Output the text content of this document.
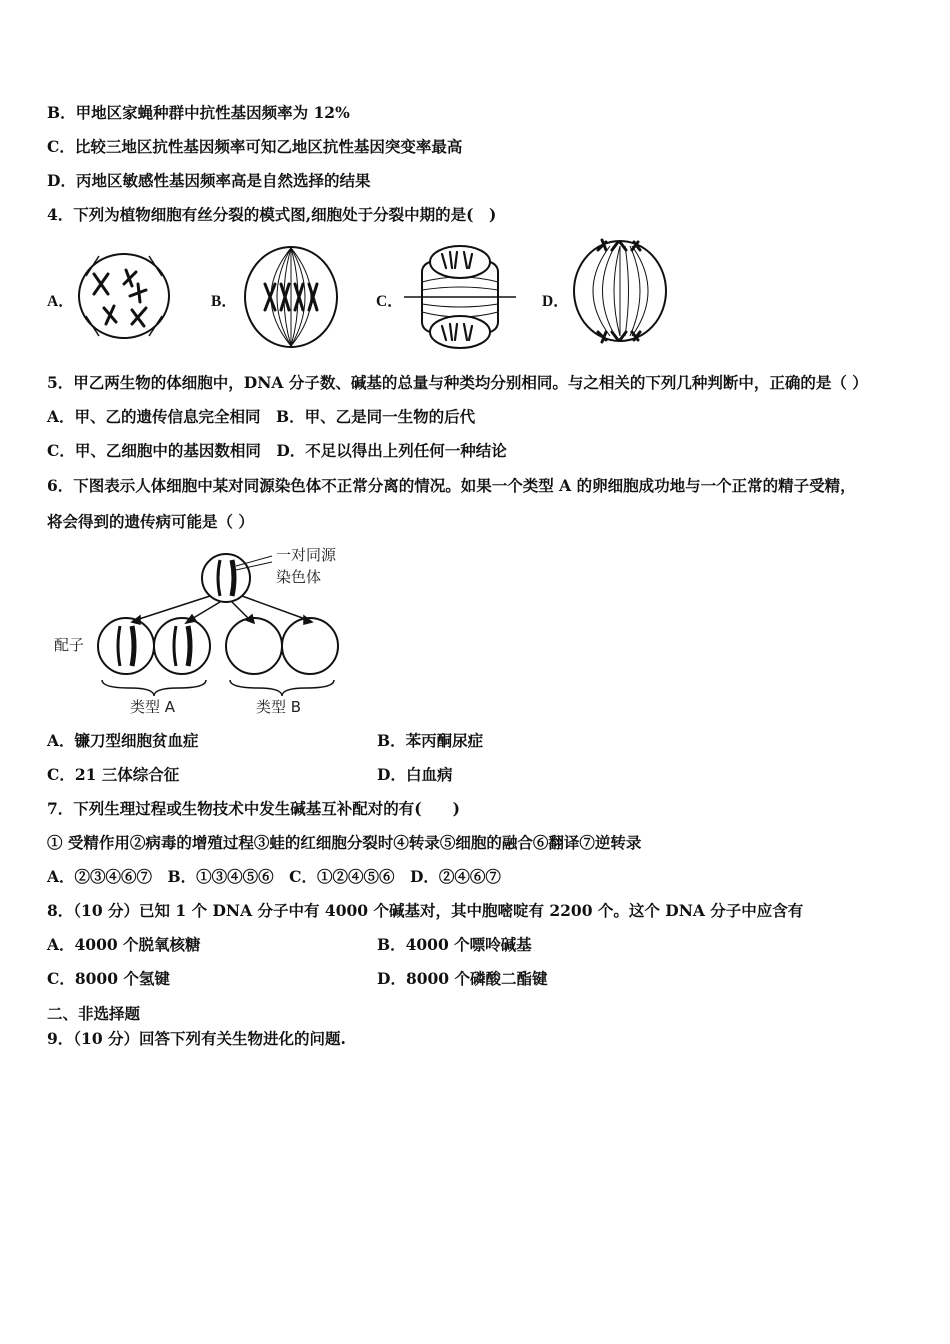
B．甲地区家蝇种群中抗性基因频率为 12%
C．比较三地区抗性基因频率可知乙地区抗性基因突变率最高
D．丙地区敏感性基因频率高是自然选择的结果
4．下列为植物细胞有丝分裂的模式图,细胞处于分裂中期的是(　)
A．	B．	C．	D．
5．甲乙两生物的体细胞中，DNA 分子数、碱基的总量与种类均分别相同。与之相关的下列几种判断中，正确的是（ ）
A．甲、乙的遗传信息完全相同　B．甲、乙是同一生物的后代
C．甲、乙细胞中的基因数相同　D．不足以得出上列任何一种结论
6．下图表示人体细胞中某对同源染色体不正常分离的情况。如果一个类型 A 的卵细胞成功地与一个正常的精子受精，
将会得到的遗传病可能是（ ）
一对同源
染色体
配子
类型 A	类型 B
A．镰刀型细胞贫血症	B．苯丙酮尿症
C．21 三体综合征	D．白血病
7．下列生理过程或生物技术中发生碱基互补配对的有(　　)
① 受精作用②病毒的增殖过程③蛙的红细胞分裂时④转录⑤细胞的融合⑥翻译⑦逆转录
A．②③④⑥⑦　B．①③④⑤⑥　C．①②④⑤⑥　D．②④⑥⑦
8．（10 分）已知 1 个 DNA 分子中有 4000 个碱基对，其中胞嘧啶有 2200 个。这个 DNA 分子中应含有
A．4000 个脱氧核糖	B．4000 个嘌呤碱基
C．8000 个氢键	D．8000 个磷酸二酯键
二、非选择题
9．（10 分）回答下列有关生物进化的问题.
